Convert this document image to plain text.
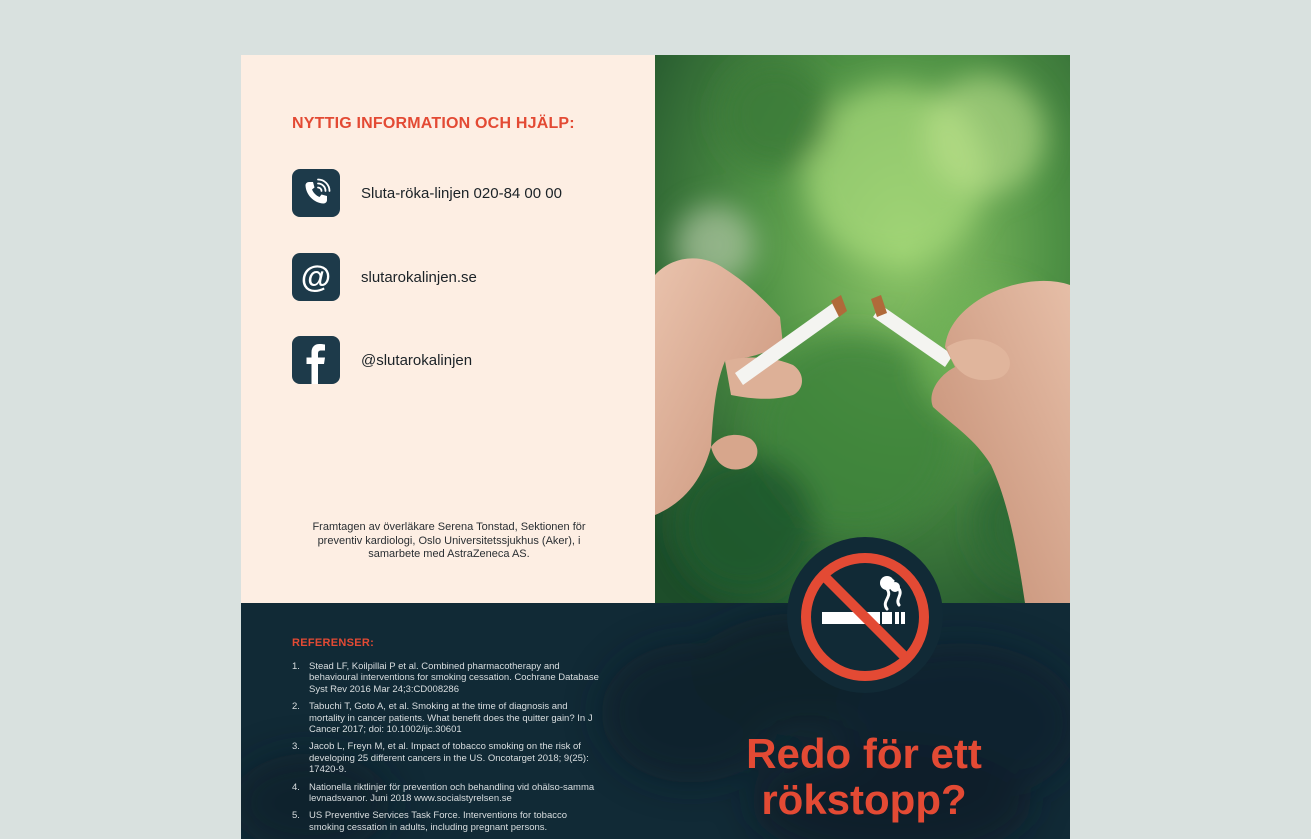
NYTTIG INFORMATION OCH HJÄLP:
Sluta-röka-linjen 020-84 00 00
@ slutarokalinjen.se
@slutarokalinjen
Framtagen av överläkare Serena Tonstad, Sektionen för preventiv kardiologi, Oslo Universitetssjukhus (Aker), i samarbete med AstraZeneca AS.
REFERENSER:
1. Stead LF, Koilpillai P et al. Combined pharmacotherapy and behavioural interventions for smoking cessation. Cochrane Database Syst Rev 2016 Mar 24;3:CD008286
2. Tabuchi T, Goto A, et al. Smoking at the time of diagnosis and mortality in cancer patients. What benefit does the quitter gain? In J Cancer 2017; doi: 10.1002/ijc.30601
3. Jacob L, Freyn M, et al. Impact of tobacco smoking on the risk of developing 25 different cancers in the US. Oncotarget 2018; 9(25): 17420-9.
4. Nationella riktlinjer för prevention och behandling vid ohälso-samma levnadsvanor. Juni 2018 www.socialstyrelsen.se
5. US Preventive Services Task Force. Interventions for tobacco smoking cessation in adults, including pregnant persons.
Redo för ett
rökstopp?
